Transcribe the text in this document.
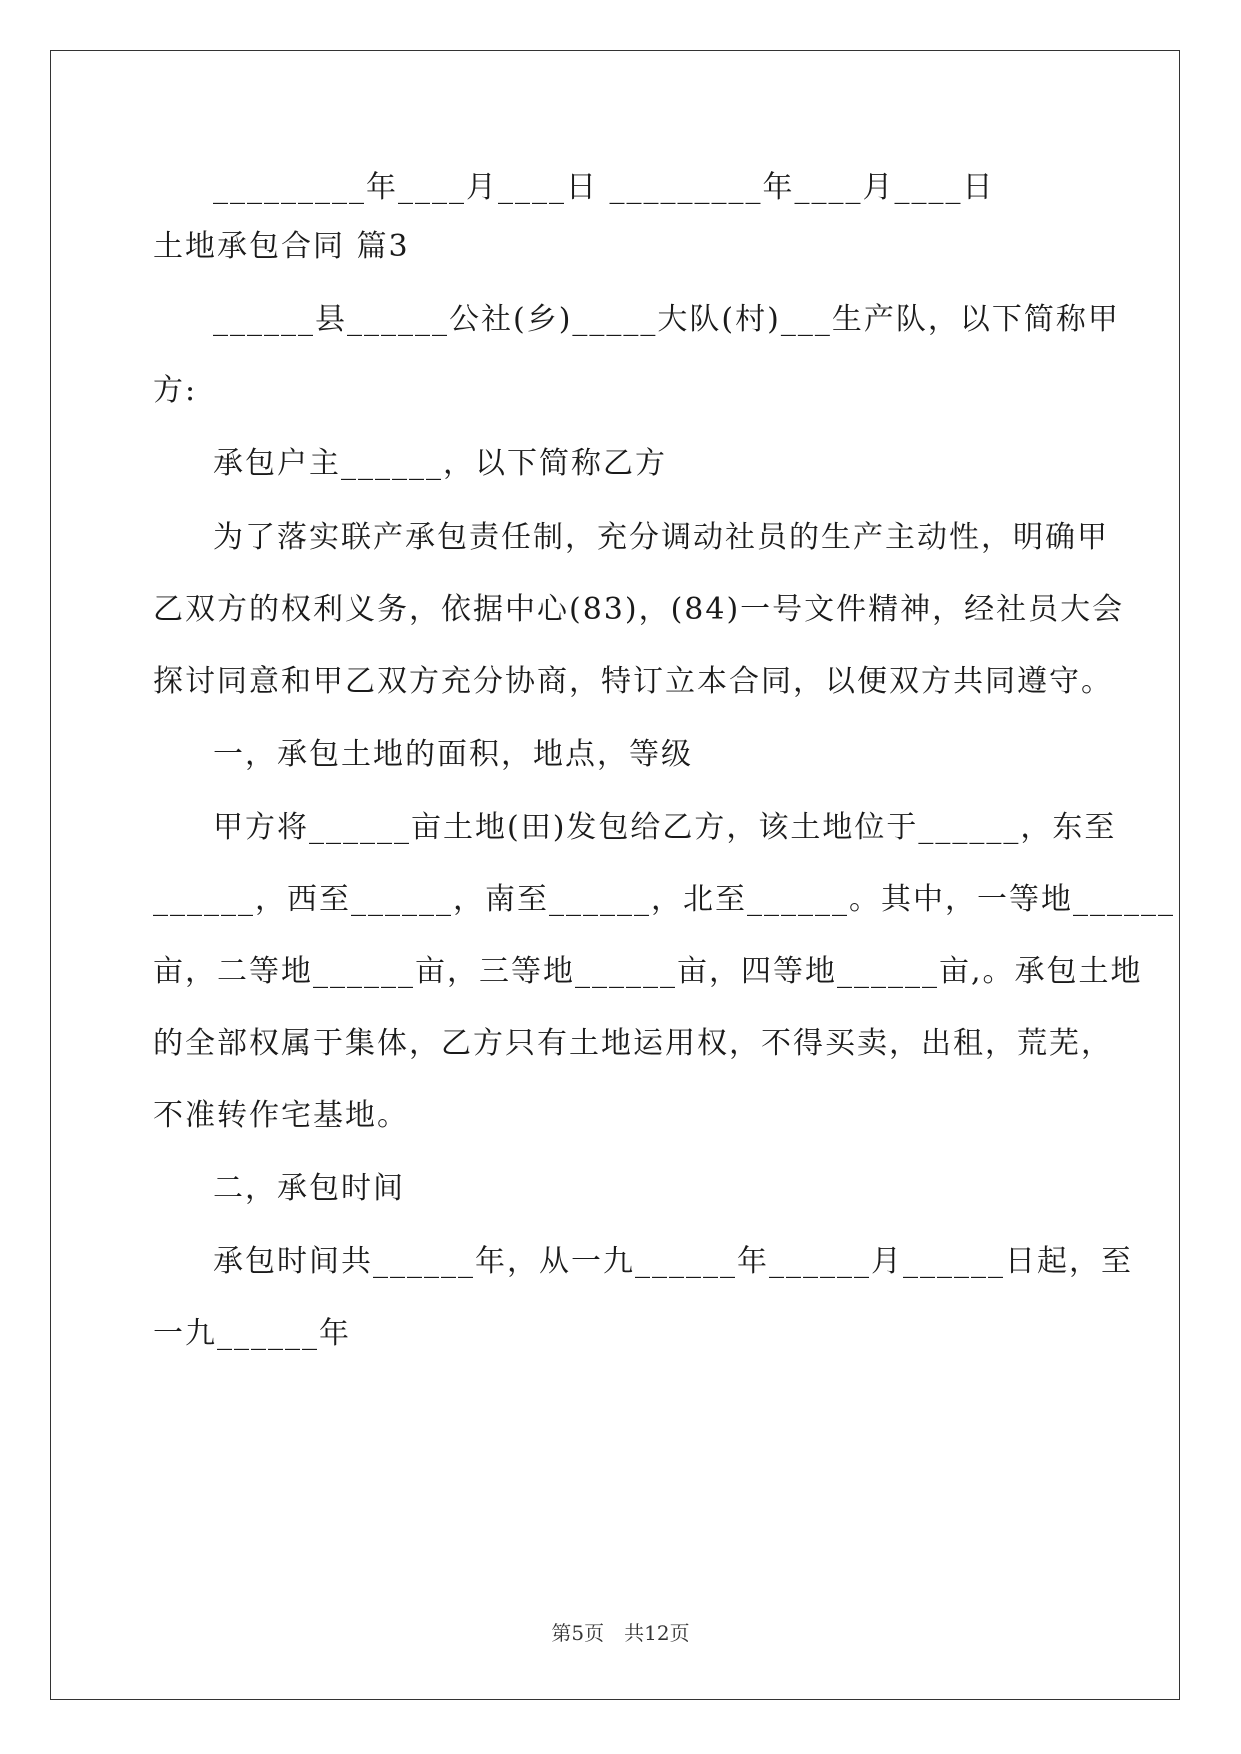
_________年____月____日 _________年____月____日
土地承包合同 篇3
______县______公社(乡)_____大队(村)___生产队，以下简称甲
方:
承包户主______，以下简称乙方
为了落实联产承包责任制，充分调动社员的生产主动性，明确甲
乙双方的权利义务，依据中心(83)，(84)一号文件精神，经社员大会
探讨同意和甲乙双方充分协商，特订立本合同，以便双方共同遵守。
一，承包土地的面积，地点，等级
甲方将______亩土地(田)发包给乙方，该土地位于______，东至
______，西至______，南至______，北至______。其中，一等地______
亩，二等地______亩，三等地______亩，四等地______亩,。承包土地
的全部权属于集体，乙方只有土地运用权，不得买卖，出租，荒芜，
不准转作宅基地。
二，承包时间
承包时间共______年，从一九______年______月______日起，至
一九______年
第5页　共12页
